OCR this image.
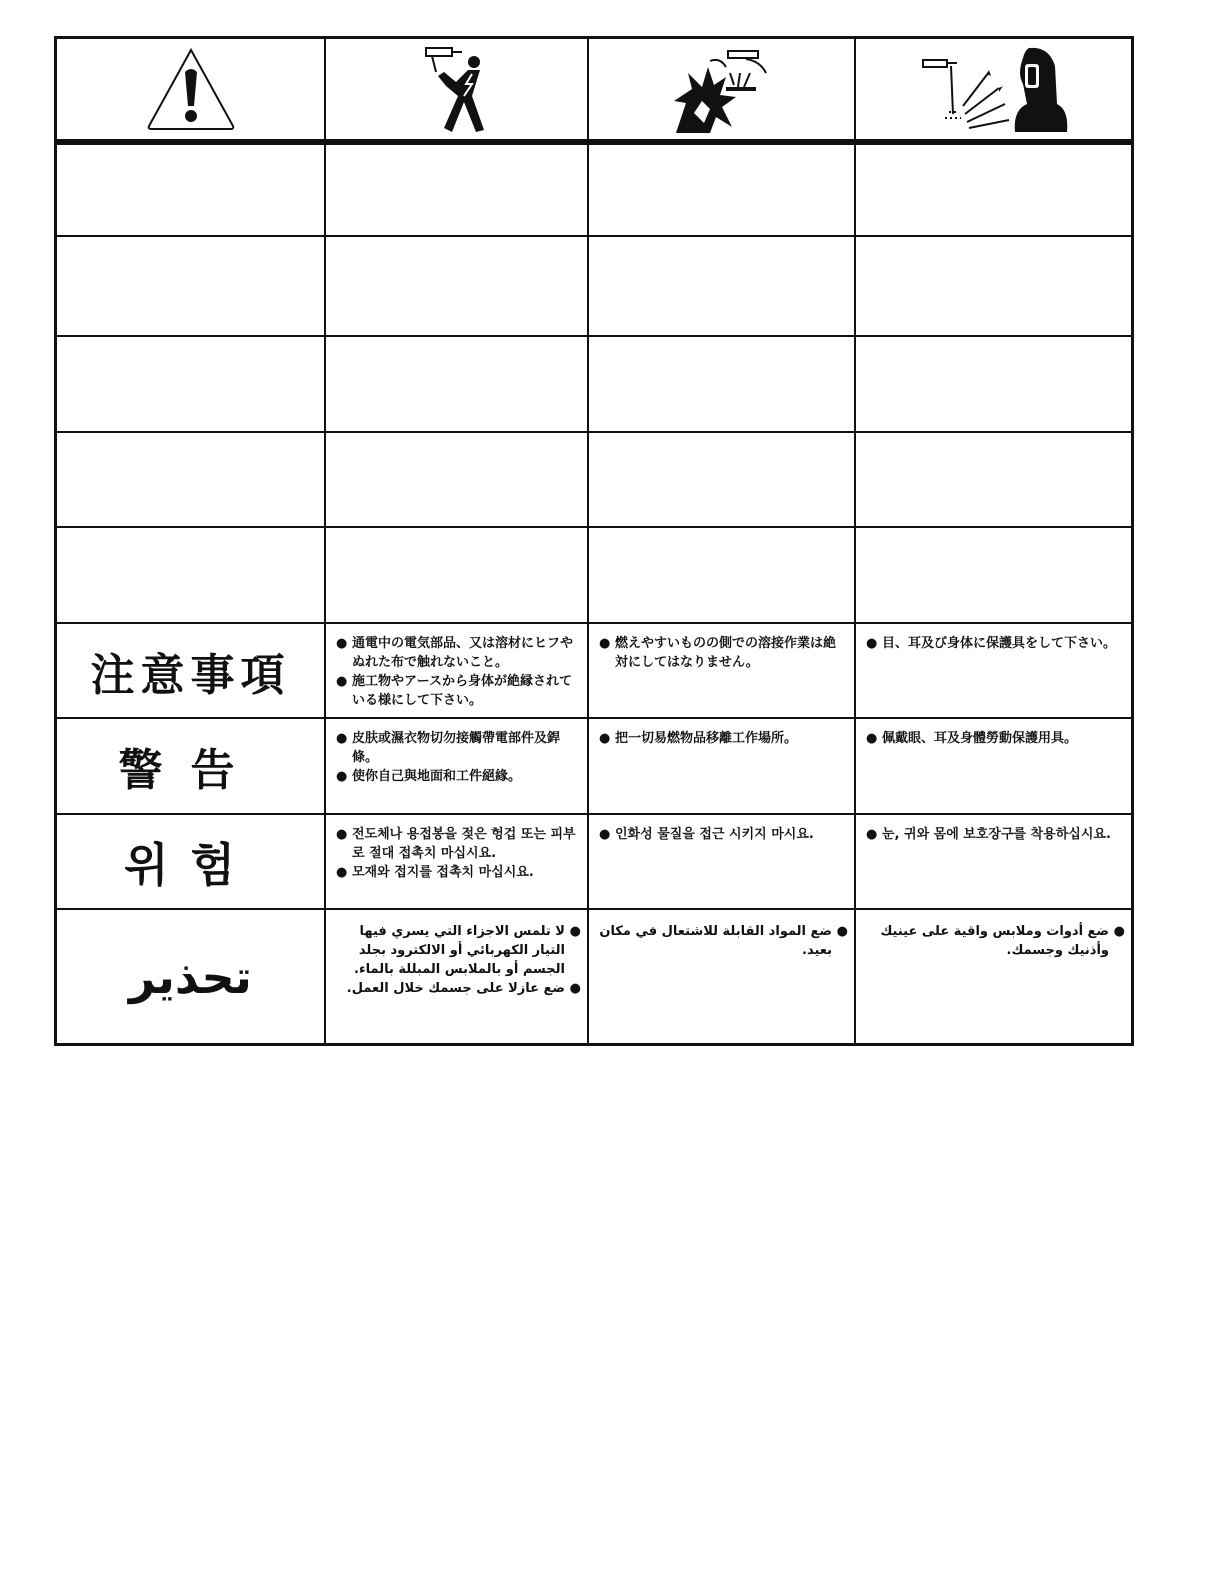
注意事項
● 通電中の電気部品、又は溶材にヒフやぬれた布で触れないこと。
● 施工物やアースから身体が絶縁されている様にして下さい。
● 燃えやすいものの側での溶接作業は絶対にしてはなりません。
● 目、耳及び身体に保護具をして下さい。
警告
● 皮肤或濕衣物切勿接觸帶電部件及銲條。
● 使你自己與地面和工件絕緣。
● 把一切易燃物品移離工作場所。	● 佩戴眼、耳及身體勞動保護用具。
위험
● 전도체나 용접봉을 젖은 헝겁 또는 피부로 절대 접촉치 마십시요.
● 모재와 접지를 접촉치 마십시요.
● 인화성 물질을 접근 시키지 마시요.	● 눈, 귀와 몸에 보호장구를 착용하십시요.
تحذير
● لا تلمس الاجزاء التي يسري فيها التيار الكهربائي أو الالكترود بجلد الجسم أو بالملابس المبللة بالماء.
● ضع عازلا على جسمك خلال العمل.
● ضع المواد القابلة للاشتعال في مكان بعيد.
● ضع أدوات وملابس واقية على عينيك وأذنيك وجسمك.
